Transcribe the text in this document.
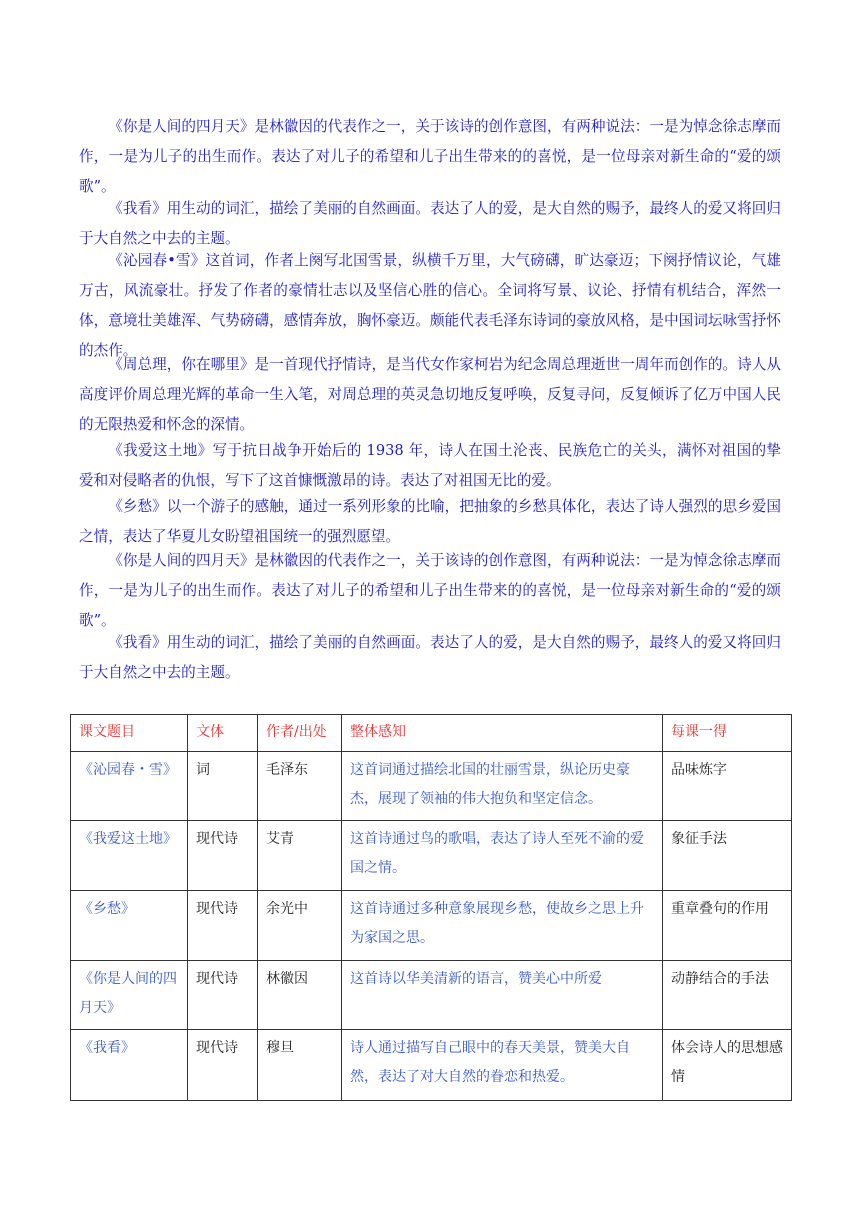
《你是人间的四月天》是林徽因的代表作之一，关于该诗的创作意图，有两种说法：一是为悼念徐志摩而作，一是为儿子的出生而作。表达了对儿子的希望和儿子出生带来的的喜悦，是一位母亲对新生命的“爱的颂歌”。

《我看》用生动的词汇，描绘了美丽的自然画面。表达了人的爱，是大自然的赐予，最终人的爱又将回归于大自然之中去的主题。

《沁园春•雪》这首词，作者上阕写北国雪景，纵横千万里，大气磅礴，旷达豪迈；下阕抒情议论，气雄万古，风流豪壮。抒发了作者的豪情壮志以及坚信心胜的信心。全词将写景、议论、抒情有机结合，浑然一体，意境壮美雄浑、气势磅礴，感情奔放，胸怀豪迈。颇能代表毛泽东诗词的豪放风格，是中国词坛咏雪抒怀的杰作。

《周总理，你在哪里》是一首现代抒情诗，是当代女作家柯岩为纪念周总理逝世一周年而创作的。诗人从高度评价周总理光辉的革命一生入笔，对周总理的英灵急切地反复呼唤，反复寻问，反复倾诉了亿万中国人民的无限热爱和怀念的深情。

《我爱这土地》写于抗日战争开始后的 1938 年，诗人在国土沦丧、民族危亡的关头，满怀对祖国的挚爱和对侵略者的仇恨，写下了这首慷慨激昂的诗。表达了对祖国无比的爱。

《乡愁》以一个游子的感触，通过一系列形象的比喻，把抽象的乡愁具体化，表达了诗人强烈的思乡爱国之情，表达了华夏儿女盼望祖国统一的强烈愿望。

《你是人间的四月天》是林徽因的代表作之一，关于该诗的创作意图，有两种说法：一是为悼念徐志摩而作，一是为儿子的出生而作。表达了对儿子的希望和儿子出生带来的的喜悦，是一位母亲对新生命的“爱的颂歌”。

《我看》用生动的词汇，描绘了美丽的自然画面。表达了人的爱，是大自然的赐予，最终人的爱又将回归于大自然之中去的主题。

课文题目	文体	作者/出处	整体感知	每课一得
《沁园春・雪》	词	毛泽东	这首词通过描绘北国的壮丽雪景，纵论历史豪杰，展现了领袖的伟大抱负和坚定信念。	品味炼字
《我爱这土地》	现代诗	艾青	这首诗通过鸟的歌唱，表达了诗人至死不渝的爱国之情。	象征手法
《乡愁》	现代诗	余光中	这首诗通过多种意象展现乡愁，使故乡之思上升为家国之思。	重章叠句的作用
《你是人间的四月天》	现代诗	林徽因	这首诗以华美清新的语言，赞美心中所爱	动静结合的手法
《我看》	现代诗	穆旦	诗人通过描写自己眼中的春天美景，赞美大自然，表达了对大自然的眷恋和热爱。	体会诗人的思想感情
